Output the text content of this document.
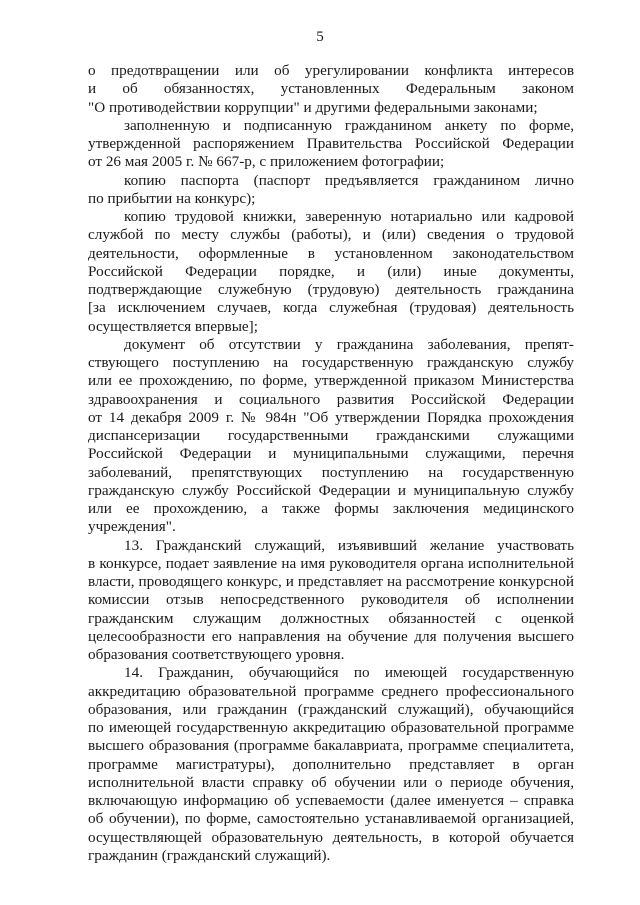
5
о предотвращении или об урегулировании конфликта интересов
и об обязанностях, установленных Федеральным законом
"О противодействии коррупции" и другими федеральными законами;
заполненную и подписанную гражданином анкету по форме,
утвержденной распоряжением Правительства Российской Федерации
от 26 мая 2005 г. № 667-р, с приложением фотографии;
копию паспорта (паспорт предъявляется гражданином лично
по прибытии на конкурс);
копию трудовой книжки, заверенную нотариально или кадровой
службой по месту службы (работы), и (или) сведения о трудовой
деятельности, оформленные в установленном законодательством
Российской Федерации порядке, и (или) иные документы,
подтверждающие служебную (трудовую) деятельность гражданина
[за исключением случаев, когда служебная (трудовая) деятельность
осуществляется впервые];
документ об отсутствии у гражданина заболевания, препят-
ствующего поступлению на государственную гражданскую службу
или ее прохождению, по форме, утвержденной приказом Министерства
здравоохранения и социального развития Российской Федерации
от 14 декабря 2009 г. № 984н "Об утверждении Порядка прохождения
диспансеризации государственными гражданскими служащими
Российской Федерации и муниципальными служащими, перечня
заболеваний, препятствующих поступлению на государственную
гражданскую службу Российской Федерации и муниципальную службу
или ее прохождению, а также формы заключения медицинского
учреждения".
13. Гражданский служащий, изъявивший желание участвовать
в конкурсе, подает заявление на имя руководителя органа исполнительной
власти, проводящего конкурс, и представляет на рассмотрение конкурсной
комиссии отзыв непосредственного руководителя об исполнении
гражданским служащим должностных обязанностей с оценкой
целесообразности его направления на обучение для получения высшего
образования соответствующего уровня.
14. Гражданин, обучающийся по имеющей государственную
аккредитацию образовательной программе среднего профессионального
образования, или гражданин (гражданский служащий), обучающийся
по имеющей государственную аккредитацию образовательной программе
высшего образования (программе бакалавриата, программе специалитета,
программе магистратуры), дополнительно представляет в орган
исполнительной власти справку об обучении или о периоде обучения,
включающую информацию об успеваемости (далее именуется – справка
об обучении), по форме, самостоятельно устанавливаемой организацией,
осуществляющей образовательную деятельность, в которой обучается
гражданин (гражданский служащий).
